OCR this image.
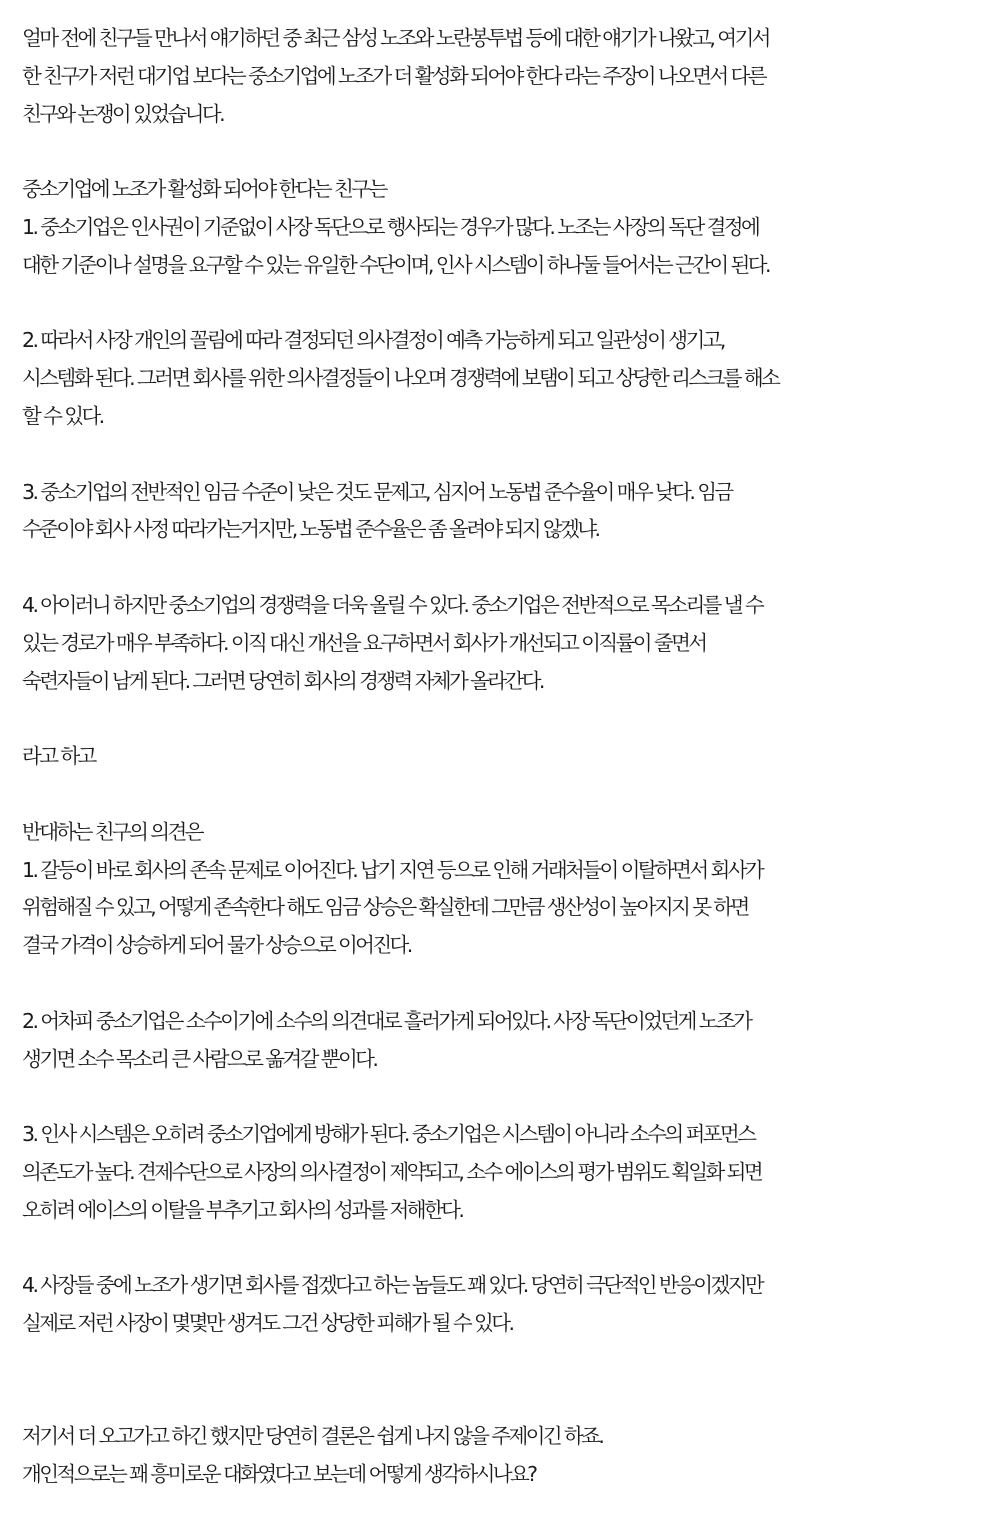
얼마 전에 친구들 만나서 얘기하던 중 최근 삼성 노조와 노란봉투법 등에 대한 얘기가 나왔고, 여기서
한 친구가 저런 대기업 보다는 중소기업에 노조가 더 활성화 되어야 한다 라는 주장이 나오면서 다른
친구와 논쟁이 있었습니다.
중소기업에 노조가 활성화 되어야 한다는 친구는
1. 중소기업은 인사권이 기준없이 사장 독단으로 행사되는 경우가 많다. 노조는 사장의 독단 결정에
대한 기준이나 설명을 요구할 수 있는 유일한 수단이며, 인사 시스템이 하나둘 들어서는 근간이 된다.
2. 따라서 사장 개인의 꼴림에 따라 결정되던 의사결정이 예측 가능하게 되고 일관성이 생기고,
시스템화 된다. 그러면 회사를 위한 의사결정들이 나오며 경쟁력에 보탬이 되고 상당한 리스크를 해소
할 수 있다.
3. 중소기업의 전반적인 임금 수준이 낮은 것도 문제고, 심지어 노동법 준수율이 매우 낮다. 임금
수준이야 회사 사정 따라가는거지만, 노동법 준수율은 좀 올려야 되지 않겠냐.
4. 아이러니 하지만 중소기업의 경쟁력을 더욱 올릴 수 있다. 중소기업은 전반적으로 목소리를 낼 수
있는 경로가 매우 부족하다. 이직 대신 개선을 요구하면서 회사가 개선되고 이직률이 줄면서
숙련자들이 남게 된다. 그러면 당연히 회사의 경쟁력 자체가 올라간다.
라고 하고
반대하는 친구의 의견은
1. 갈등이 바로 회사의 존속 문제로 이어진다. 납기 지연 등으로 인해 거래처들이 이탈하면서 회사가
위험해질 수 있고, 어떻게 존속한다 해도 임금 상승은 확실한데 그만큼 생산성이 높아지지 못 하면
결국 가격이 상승하게 되어 물가 상승으로 이어진다.
2. 어차피 중소기업은 소수이기에 소수의 의견대로 흘러가게 되어있다. 사장 독단이었던게 노조가
생기면 소수 목소리 큰 사람으로 옮겨갈 뿐이다.
3. 인사 시스템은 오히려 중소기업에게 방해가 된다. 중소기업은 시스템이 아니라 소수의 퍼포먼스
의존도가 높다. 견제수단으로 사장의 의사결정이 제약되고, 소수 에이스의 평가 범위도 획일화 되면
오히려 에이스의 이탈을 부추기고 회사의 성과를 저해한다.
4. 사장들 중에 노조가 생기면 회사를 접겠다고 하는 놈들도 꽤 있다. 당연히 극단적인 반응이겠지만
실제로 저런 사장이 몇몇만 생겨도 그건 상당한 피해가 될 수 있다.
저기서 더 오고가고 하긴 했지만 당연히 결론은 쉽게 나지 않을 주제이긴 하죠.
개인적으로는 꽤 흥미로운 대화였다고 보는데 어떻게 생각하시나요?
